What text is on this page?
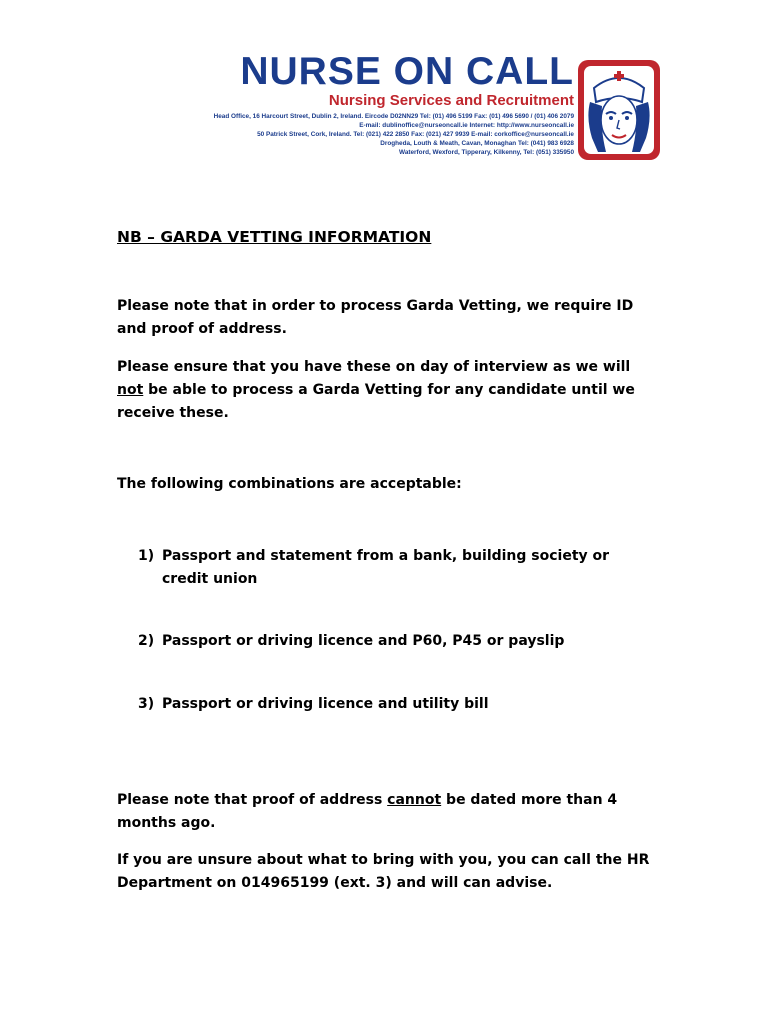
NURSE ON CALL
Nursing Services and Recruitment
Head Office, 16 Harcourt Street, Dublin 2, Ireland. Eircode D02NN29 Tel: (01) 496 5199 Fax: (01) 496 5690 / (01) 406 2079
E-mail: dublinoffice@nurseoncall.ie Internet: http://www.nurseoncall.ie
50 Patrick Street, Cork, Ireland. Tel: (021) 422 2850 Fax: (021) 427 9939 E-mail: corkoffice@nurseoncall.ie
Drogheda, Louth & Meath, Cavan, Monaghan Tel: (041) 983 6928
Waterford, Wexford, Tipperary, Kilkenny, Tel: (051) 335950
NB – GARDA VETTING INFORMATION

Please note that in order to process Garda Vetting, we require ID and proof of address.

Please ensure that you have these on day of interview as we will not be able to process a Garda Vetting for any candidate until we receive these.

The following combinations are acceptable:

1) Passport and statement from a bank, building society or credit union
2) Passport or driving licence and P60, P45 or payslip
3) Passport or driving licence and utility bill

Please note that proof of address cannot be dated more than 4 months ago.

If you are unsure about what to bring with you, you can call the HR Department on 014965199 (ext. 3) and will can advise.
